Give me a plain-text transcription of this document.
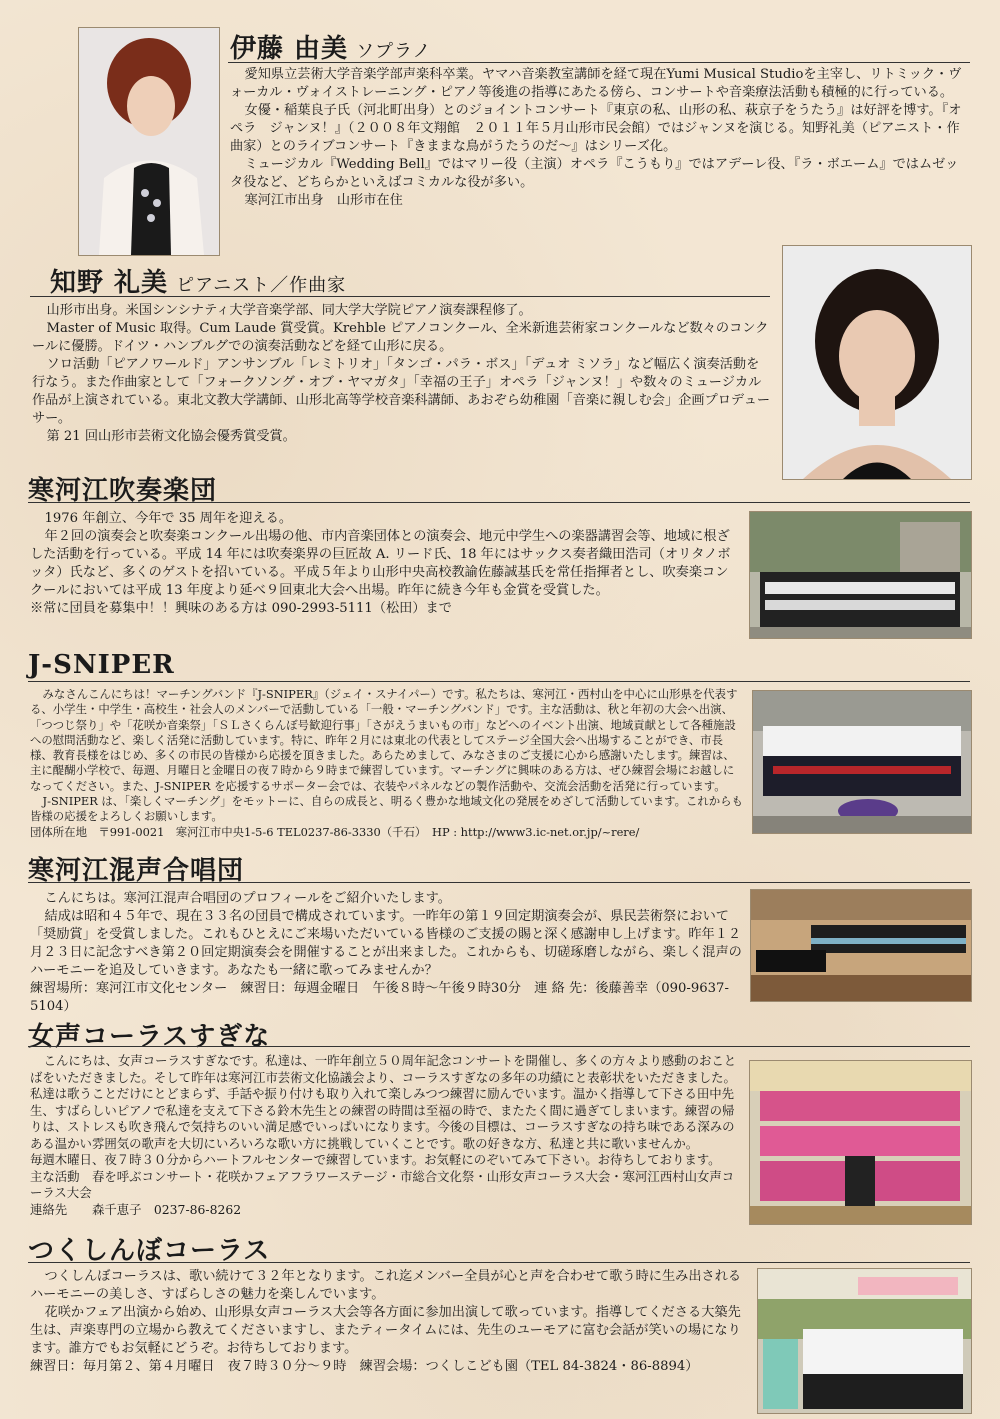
伊藤 由美 ソプラノ

愛知県立芸術大学音楽学部声楽科卒業。ヤマハ音楽教室講師を経て現在Yumi Musical Studioを主宰し、リトミック・ヴォーカル・ヴォイストレーニング・ピアノ等後進の指導にあたる傍ら、コンサートや音楽療法活動も積極的に行っている。

女優・稲葉良子氏（河北町出身）とのジョイントコンサート『東京の私、山形の私、萩京子をうたう』は好評を博す。『オペラ　ジャンヌ！』（２００８年文翔館　２０１１年５月山形市民会館）ではジャンヌを演じる。知野礼美（ピアニスト・作曲家）とのライブコンサート『きままな鳥がうたうのだ～』はシリーズ化。

ミュージカル『Wedding Bell』ではマリー役（主演）オペラ『こうもり』ではアデーレ役、『ラ・ボエーム』ではムゼッタ役など、どちらかといえばコミカルな役が多い。

寒河江市出身　山形市在住

知野 礼美 ピアニスト／作曲家

山形市出身。米国シンシナティ大学音楽学部、同大学大学院ピアノ演奏課程修了。

Master of Music 取得。Cum Laude 賞受賞。Krehble ピアノコンクール、全米新進芸術家コンクールなど数々のコンクールに優勝。ドイツ・ハンブルグでの演奏活動などを経て山形に戻る。

ソロ活動「ピアノワールド」アンサンブル「レミトリオ」「タンゴ・パラ・ボス」「デュオ ミソラ」など幅広く演奏活動を行なう。また作曲家として「フォークソング・オブ・ヤマガタ」「幸福の王子」オペラ「ジャンヌ！」や数々のミュージカル作品が上演されている。東北文教大学講師、山形北高等学校音楽科講師、あおぞら幼稚園「音楽に親しむ会」企画プロデューサー。

第 21 回山形市芸術文化協会優秀賞受賞。

寒河江吹奏楽団

1976 年創立、今年で 35 周年を迎える。

年２回の演奏会と吹奏楽コンクール出場の他、市内音楽団体との演奏会、地元中学生への楽器講習会等、地域に根ざした活動を行っている。平成 14 年には吹奏楽界の巨匠故 A. リード氏、18 年にはサックス奏者織田浩司（オリタノボッタ）氏など、多くのゲストを招いている。平成５年より山形中央高校教諭佐藤誠基氏を常任指揮者とし、吹奏楽コンクールにおいては平成 13 年度より延べ９回東北大会へ出場。昨年に続き今年も金賞を受賞した。

※常に団員を募集中！！興味のある方は 090-2993-5111（松田）まで

J-SNIPER

みなさんこんにちは！マーチングバンド『J-SNIPER』（ジェイ・スナイパー）です。私たちは、寒河江・西村山を中心に山形県を代表する、小学生・中学生・高校生・社会人のメンバーで活動している「一般・マーチングバンド」です。主な活動は、秋と年初の大会へ出演、「つつじ祭り」や「花咲か音楽祭」「ＳＬさくらんぼ号歓迎行事」「さがえうまいもの市」などへのイベント出演、地域貢献として各種施設への慰問活動など、楽しく活発に活動しています。特に、昨年２月には東北の代表としてステージ全国大会へ出場することができ、市長様、教育長様をはじめ、多くの市民の皆様から応援を頂きました。あらためまして、みなさまのご支援に心から感謝いたします。練習は、主に醍醐小学校で、毎週、月曜日と金曜日の夜７時から９時まで練習しています。マーチングに興味のある方は、ぜひ練習会場にお越しになってください。また、J-SNIPER を応援するサポーター会では、衣装やパネルなどの製作活動や、交流会活動を活発に行っています。

J-SNIPER は、「楽しくマーチング」をモットーに、自らの成長と、明るく豊かな地域文化の発展をめざして活動しています。これからも皆様の応援をよろしくお願いします。

団体所在地　〒991-0021　寒河江市中央1-5-6 TEL0237-86-3330（千石）　HP : http://www3.ic-net.or.jp/~rere/

寒河江混声合唱団

こんにちは。寒河江混声合唱団のプロフィールをご紹介いたします。

結成は昭和４５年で、現在３３名の団員で構成されています。一昨年の第１９回定期演奏会が、県民芸術祭において「奨励賞」を受賞しました。これもひとえにご来場いただいている皆様のご支援の賜と深く感謝申し上げます。昨年１２月２３日に記念すべき第２０回定期演奏会を開催することが出来ました。これからも、切磋琢磨しながら、楽しく混声のハーモニーを追及していきます。あなたも一緒に歌ってみませんか？

練習場所：寒河江市文化センター　練習日：毎週金曜日　午後８時〜午後９時30分　連 絡 先：後藤善幸（090-9637-5104）

女声コーラスすぎな

こんにちは、女声コーラスすぎなです。私達は、一昨年創立５０周年記念コンサートを開催し、多くの方々より感動のおことばをいただきました。そして昨年は寒河江市芸術文化協議会より、コーラスすぎなの多年の功績にと表彰状をいただきました。私達は歌うことだけにとどまらず、手話や振り付けも取り入れて楽しみつつ練習に励んでいます。温かく指導して下さる田中先生、すばらしいピアノで私達を支えて下さる鈴木先生との練習の時間は至福の時で、またたく間に過ぎてしまいます。練習の帰りは、ストレスも吹き飛んで気持ちのいい満足感でいっぱいになります。今後の目標は、コーラスすぎなの持ち味である深みのある温かい雰囲気の歌声を大切にいろいろな歌い方に挑戦していくことです。歌の好きな方、私達と共に歌いませんか。

毎週木曜日、夜７時３０分からハートフルセンターで練習しています。お気軽にのぞいてみて下さい。お待ちしております。

主な活動　春を呼ぶコンサート・花咲かフェアフラワーステージ・市総合文化祭・山形女声コーラス大会・寒河江西村山女声コーラス大会

連絡先　　森千恵子　0237-86-8262

つくしんぼコーラス

つくしんぼコーラスは、歌い続けて３２年となります。これ迄メンバー全員が心と声を合わせて歌う時に生み出されるハーモニーの美しさ、すばらしさの魅力を楽しんでいます。

花咲かフェア出演から始め、山形県女声コーラス大会等各方面に参加出演して歌っています。指導してくださる大築先生は、声楽専門の立場から教えてくださいますし、またティータイムには、先生のユーモアに富む会話が笑いの場になります。誰方でもお気軽にどうぞ。お待ちしております。

練習日：毎月第２、第４月曜日　夜７時３０分～９時　練習会場：つくしこども園（TEL 84-3824・86-8894）
